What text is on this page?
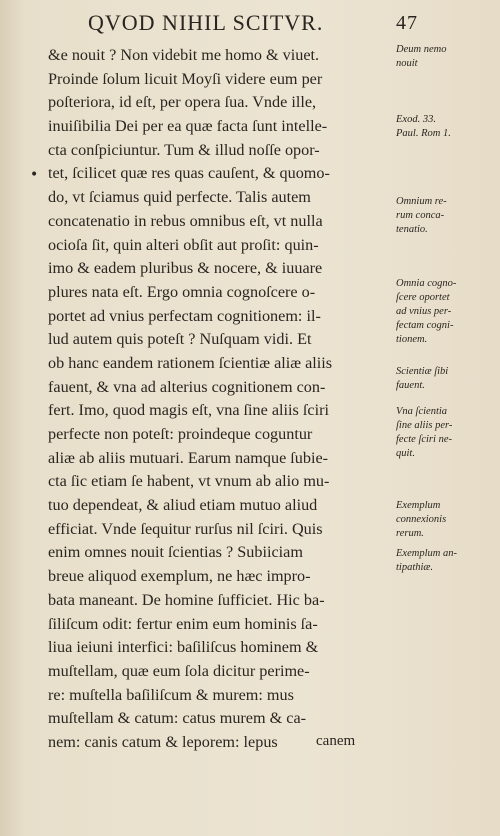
QVOD NIHIL SCITVR.	47
•
&e nouit ? Non videbit me homo & viuet.
Proinde ſolum licuit Moyſi videre eum per
poſteriora, id eſt, per opera ſua. Vnde ille,
inuiſibilia Dei per ea quæ facta ſunt intelle-
cta conſpiciuntur. Tum & illud noſſe opor-
tet, ſcilicet quæ res quas cauſent, & quomo-
do, vt ſciamus quid perfecte. Talis autem
concatenatio in rebus omnibus eſt, vt nulla
ocioſa ſit, quin alteri obſit aut proſit: quin-
imo & eadem pluribus & nocere, & iuuare
plures nata eſt. Ergo omnia cognoſcere o-
portet ad vnius perfectam cognitionem: il-
lud autem quis poteſt ? Nuſquam vidi. Et
ob hanc eandem rationem ſcientiæ aliæ aliis
fauent, & vna ad alterius cognitionem con-
fert. Imo, quod magis eſt, vna ſine aliis ſciri
perfecte non poteſt: proindeque coguntur
aliæ ab aliis mutuari. Earum namque ſubie-
cta ſic etiam ſe habent, vt vnum ab alio mu-
tuo dependeat, & aliud etiam mutuo aliud
efficiat. Vnde ſequitur rurſus nil ſciri. Quis
enim omnes nouit ſcientias ? Subiiciam
breue aliquod exemplum, ne hæc impro-
bata maneant. De homine ſufficiet. Hic ba-
ſiliſcum odit: fertur enim eum hominis ſa-
liua ieiuni interfici: baſiliſcus hominem &
muſtellam, quæ eum ſola dicitur perime-
re: muſtella baſiliſcum & murem: mus
muſtellam & catum: catus murem & ca-
nem: canis catum & leporem: lepus
Deum nemo
nouit
Exod. 33.
Paul. Rom 1.
Omnium re-
rum conca-
tenatio.
Omnia cogno-
ſcere oportet
ad vnius per-
fectam cogni-
tionem.
Scientiæ ſibi
fauent.
Vna ſcientia
ſine aliis per-
fecte ſciri ne-
quit.
Exemplum
connexionis
rerum.
Exemplum an-
tipathiæ.
canem
